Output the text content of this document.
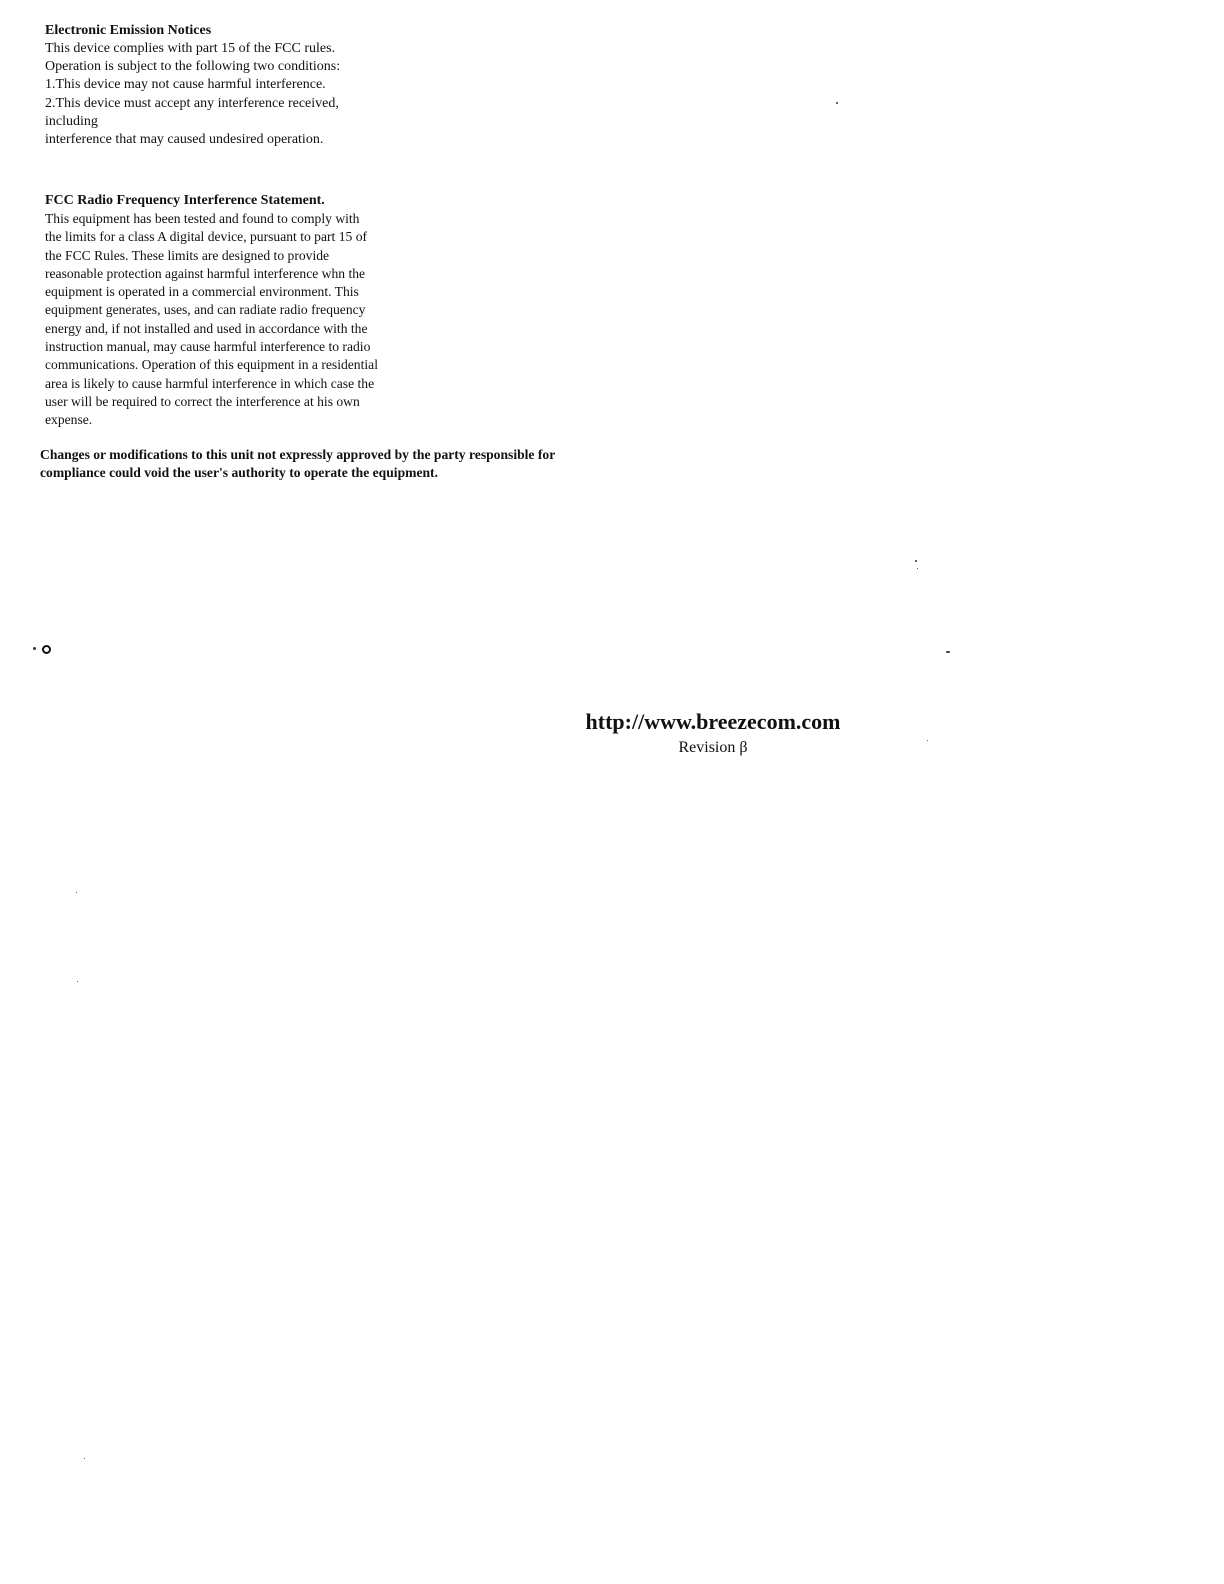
Electronic Emission Notices

This device complies with part 15 of the FCC rules.

Operation is subject to the following two conditions:

1.This device may not cause harmful interference.

2.This device must accept any interference received,

including

interference that may caused undesired operation.

FCC Radio Frequency Interference Statement.

This equipment has been tested and found to comply with

the limits for a class A digital device, pursuant to part 15 of

the FCC Rules. These limits are designed to provide

reasonable protection against harmful interference whn the

equipment is operated in a commercial environment. This

equipment generates, uses, and can radiate radio frequency

energy and, if not installed and used in accordance with the

instruction manual, may cause harmful interference to radio

communications. Operation of this equipment in a residential

area is likely to cause harmful interference in which case the

user will be required to correct the interference at his own

expense.

Changes or modifications to this unit not expressly approved by the party responsible for

compliance could void the user's authority to operate the equipment.

http://www.breezecom.com
Revision β
